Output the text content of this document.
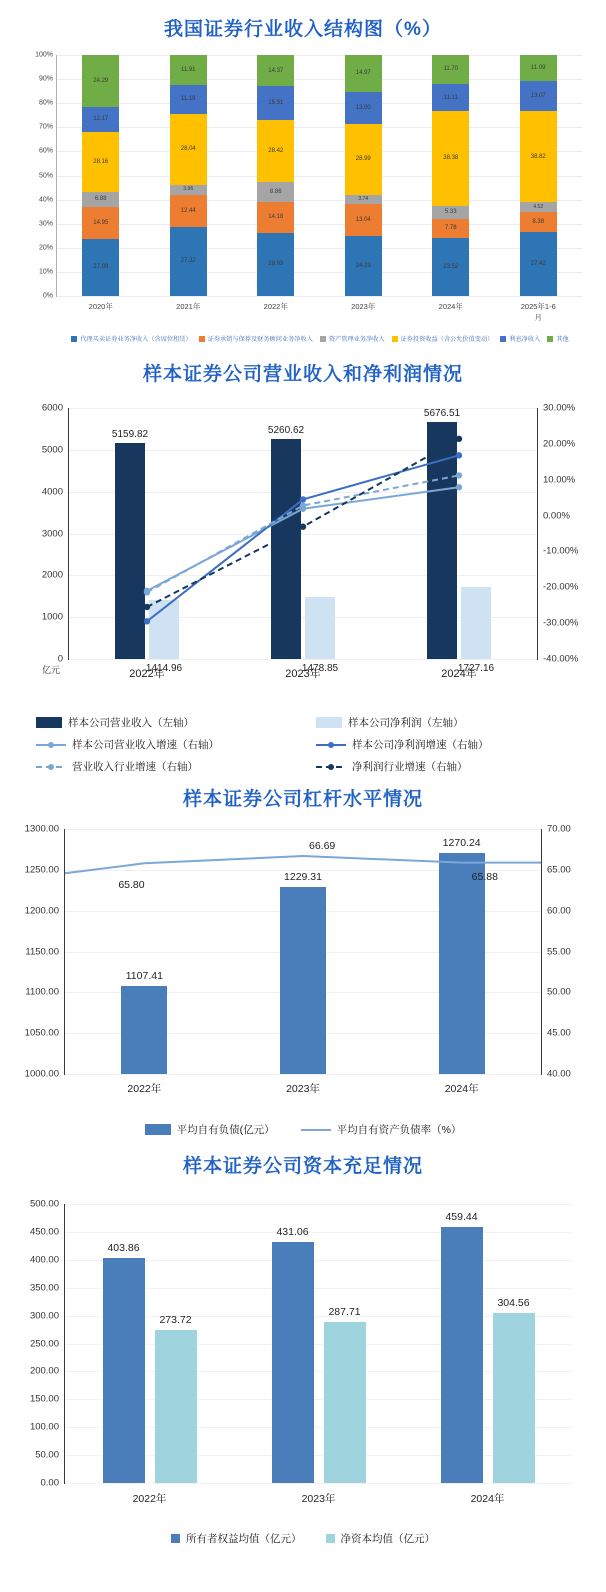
我国证券行业收入结构图（%）
0%
10%
20%
30%
40%
50%
60%
70%
80%
90%
100%
27.09
14.95
6.88
28.16
12.17
24.29
2020年
27.32
12.44
3.96
28.04
11.19
11.91
2021年
28.93
14.18
8.86
28.42
15.31
14.37
2022年
24.23
13.04
3.74
28.99
13.00
14.97
2023年
23.52
7.78
5.33
38.38
11.11
11.70
2024年
27.42
8.38
4.52
38.82
13.07
11.09
2025年1-6月
代理买卖证券业务净收入（含席位租赁）	证券承销与保荐及财务顾问业务净收入	资产管理业务净收入	证券投资收益（含公允价值变动）	利息净收入	其他
样本证券公司营业收入和净利润情况
0
1000
2000
3000
4000
5000
6000
-40.00%
-30.00%
-20.00%
-10.00%
0.00%
10.00%
20.00%
30.00%
5159.82
1414.96
2022年
5260.62
1478.85
2023年
5676.51
1727.16
2024年
亿元
样本公司营业收入（左轴）	样本公司净利润（左轴）
样本公司营业收入增速（右轴）	样本公司净利润增速（右轴）
营业收入行业增速（右轴）	净利润行业增速（右轴）
样本证券公司杠杆水平情况
1000.00
1050.00
1100.00
1150.00
1200.00
1250.00
1300.00
40.00
45.00
50.00
55.00
60.00
65.00
70.00
1107.41
2022年
1229.31
2023年
1270.24
2024年
65.80
66.69
65.88
平均自有负债(亿元）	平均自有资产负债率（%）
样本证券公司资本充足情况
0.00
50.00
100.00
150.00
200.00
250.00
300.00
350.00
400.00
450.00
500.00
403.86
273.72
2022年
431.06
287.71
2023年
459.44
304.56
2024年
所有者权益均值（亿元）	净资本均值（亿元）
